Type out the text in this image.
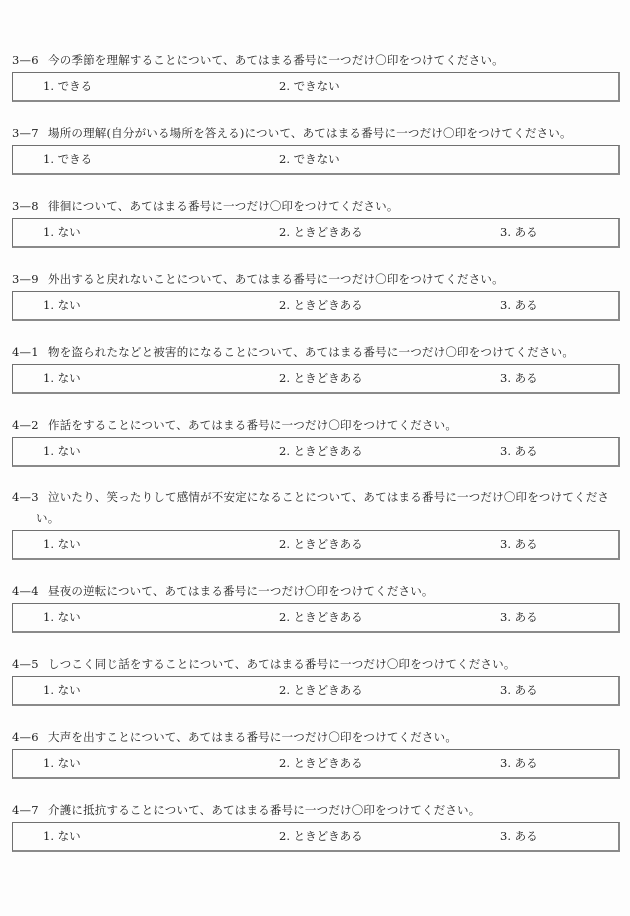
3—6 今の季節を理解することについて、あてはまる番号に一つだけ〇印をつけてください。
1. できる	2. できない
3—7 場所の理解(自分がいる場所を答える)について、あてはまる番号に一つだけ〇印をつけてください。
1. できる	2. できない
3—8 徘徊について、あてはまる番号に一つだけ〇印をつけてください。
1. ない	2. ときどきある	3. ある
3—9 外出すると戻れないことについて、あてはまる番号に一つだけ〇印をつけてください。
1. ない	2. ときどきある	3. ある
4—1 物を盗られたなどと被害的になることについて、あてはまる番号に一つだけ〇印をつけてください。
1. ない	2. ときどきある	3. ある
4—2 作話をすることについて、あてはまる番号に一つだけ〇印をつけてください。
1. ない	2. ときどきある	3. ある
4—3 泣いたり、笑ったりして感情が不安定になることについて、あてはまる番号に一つだけ〇印をつけてくださ
い。
1. ない	2. ときどきある	3. ある
4—4 昼夜の逆転について、あてはまる番号に一つだけ〇印をつけてください。
1. ない	2. ときどきある	3. ある
4—5 しつこく同じ話をすることについて、あてはまる番号に一つだけ〇印をつけてください。
1. ない	2. ときどきある	3. ある
4—6 大声を出すことについて、あてはまる番号に一つだけ〇印をつけてください。
1. ない	2. ときどきある	3. ある
4—7 介護に抵抗することについて、あてはまる番号に一つだけ〇印をつけてください。
1. ない	2. ときどきある	3. ある
